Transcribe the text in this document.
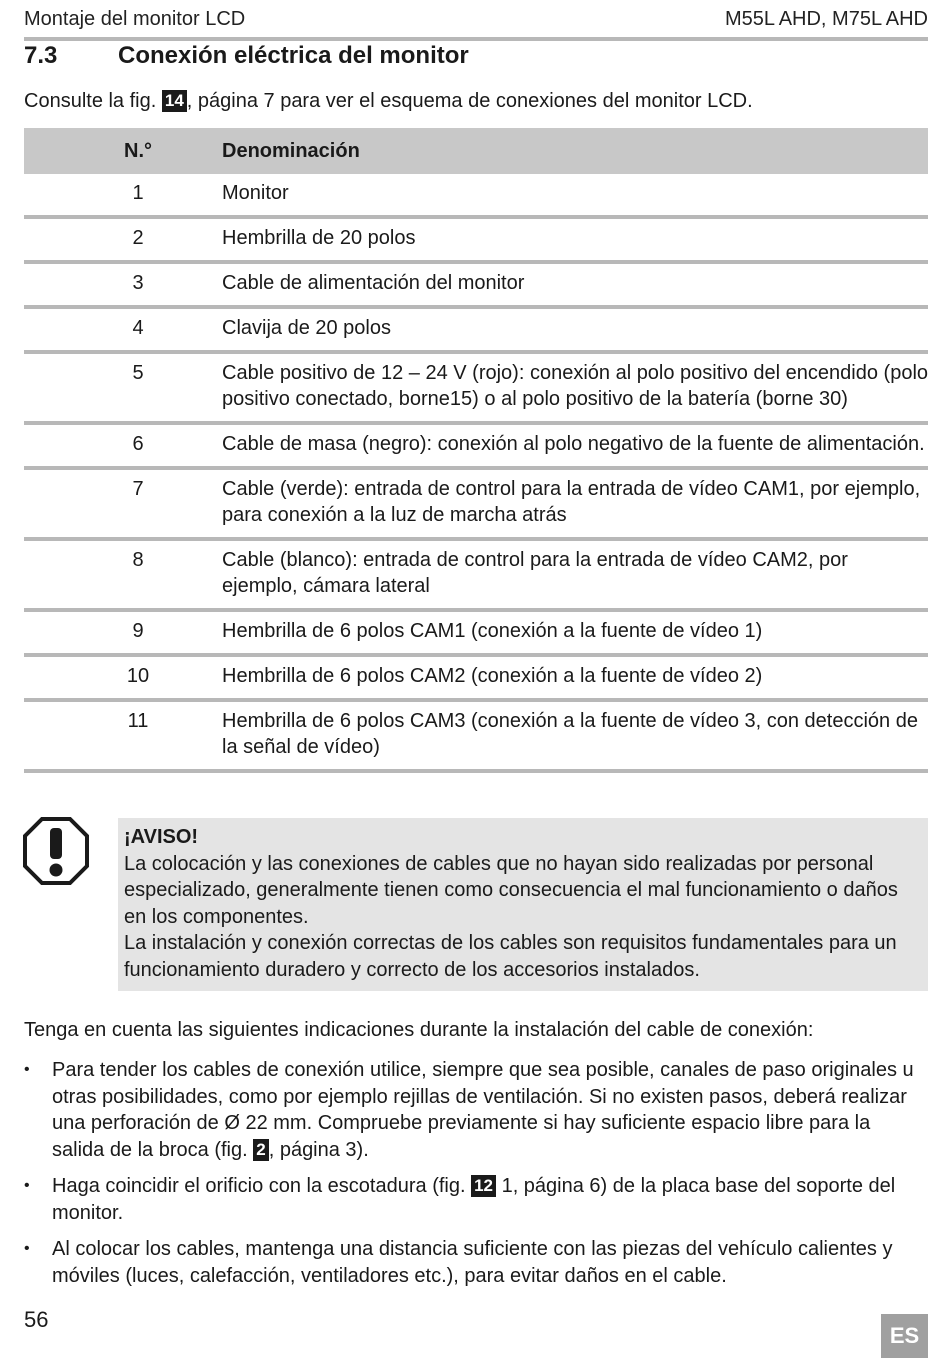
Montaje del monitor LCD	M55L AHD, M75L AHD
7.3	Conexión eléctrica del monitor

Consulte la fig. 14 , página 7 para ver el esquema de conexiones del monitor LCD.

N.°	Denominación
1	Monitor
2	Hembrilla de 20 polos
3	Cable de alimentación del monitor
4	Clavija de 20 polos
5	Cable positivo de 12 – 24 V (rojo): conexión al polo positivo del encendido (polo positivo conectado, borne15) o al polo positivo de la batería (borne 30)
6	Cable de masa (negro): conexión al polo negativo de la fuente de alimentación.
7	Cable (verde): entrada de control para la entrada de vídeo CAM1, por ejemplo, para conexión a la luz de marcha atrás
8	Cable (blanco): entrada de control para la entrada de vídeo CAM2, por ejemplo, cámara lateral
9	Hembrilla de 6 polos CAM1 (conexión a la fuente de vídeo 1)
10	Hembrilla de 6 polos CAM2 (conexión a la fuente de vídeo 2)
11	Hembrilla de 6 polos CAM3 (conexión a la fuente de vídeo 3, con detección de la señal de vídeo)
¡AVISO!
La colocación y las conexiones de cables que no hayan sido realizadas por personal especializado, generalmente tienen como consecuencia el mal funcionamiento o daños en los componentes.
La instalación y conexión correctas de los cables son requisitos fundamentales para un funcionamiento duradero y correcto de los accesorios instalados.

Tenga en cuenta las siguientes indicaciones durante la instalación del cable de conexión:

• Para tender los cables de conexión utilice, siempre que sea posible, canales de paso originales u otras posibilidades, como por ejemplo rejillas de ventilación. Si no existen pasos, deberá realizar una perforación de Ø 22 mm. Compruebe previamente si hay suficiente espacio libre para la salida de la broca (fig. 2 , página 3).
• Haga coincidir el orificio con la escotadura (fig. 12 1, página 6) de la placa base del soporte del monitor.
• Al colocar los cables, mantenga una distancia suficiente con las piezas del vehículo calientes y móviles (luces, calefacción, ventiladores etc.), para evitar daños en el cable.
56
ES
